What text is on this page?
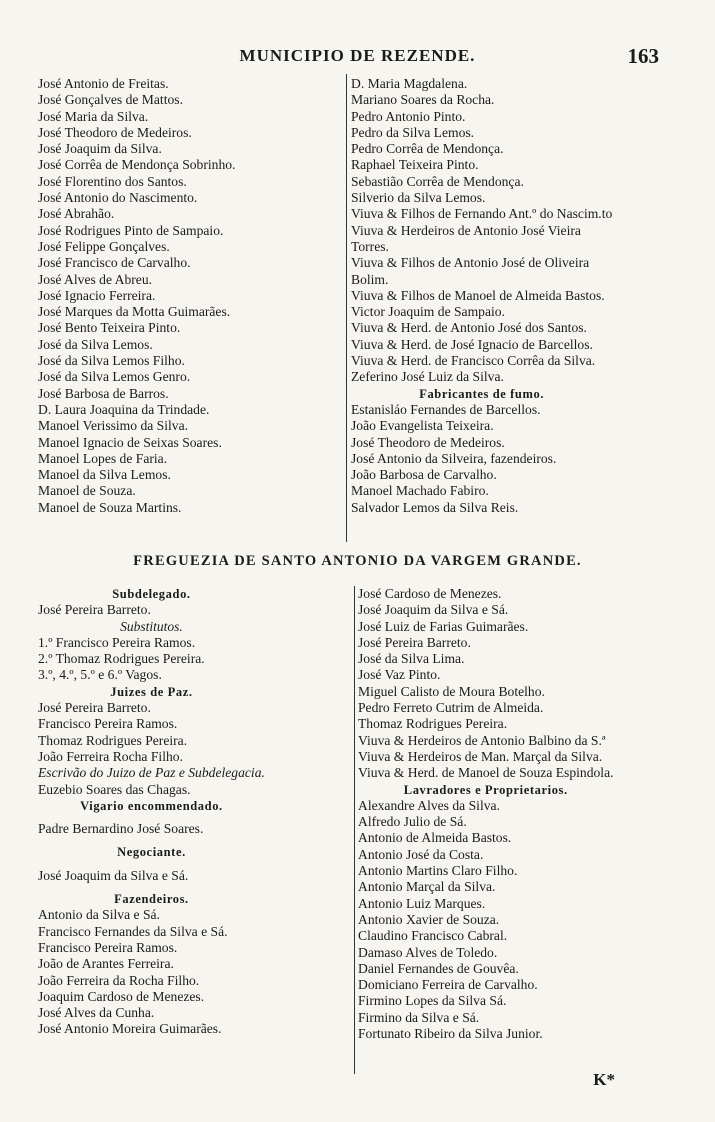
MUNICIPIO DE REZENDE.	163
José Antonio de Freitas.
José Gonçalves de Mattos.
José Maria da Silva.
José Theodoro de Medeiros.
José Joaquim da Silva.
José Corrêa de Mendonça Sobrinho.
José Florentino dos Santos.
José Antonio do Nascimento.
José Abrahão.
José Rodrigues Pinto de Sampaio.
José Felippe Gonçalves.
José Francisco de Carvalho.
José Alves de Abreu.
José Ignacio Ferreira.
José Marques da Motta Guimarães.
José Bento Teixeira Pinto.
José da Silva Lemos.
José da Silva Lemos Filho.
José da Silva Lemos Genro.
José Barbosa de Barros.
D. Laura Joaquina da Trindade.
Manoel Verissimo da Silva.
Manoel Ignacio de Seixas Soares.
Manoel Lopes de Faria.
Manoel da Silva Lemos.
Manoel de Souza.
Manoel de Souza Martins.
D. Maria Magdalena.
Mariano Soares da Rocha.
Pedro Antonio Pinto.
Pedro da Silva Lemos.
Pedro Corrêa de Mendonça.
Raphael Teixeira Pinto.
Sebastião Corrêa de Mendonça.
Silverio da Silva Lemos.
Viuva & Filhos de Fernando Ant.º do Nascim.to
Viuva & Herdeiros de Antonio José Vieira
Torres.
Viuva & Filhos de Antonio José de Oliveira
Bolim.
Viuva & Filhos de Manoel de Almeida Bastos.
Victor Joaquim de Sampaio.
Viuva & Herd. de Antonio José dos Santos.
Viuva & Herd. de José Ignacio de Barcellos.
Viuva & Herd. de Francisco Corrêa da Silva.
Zeferino José Luiz da Silva.
Fabricantes de fumo.
Estanisláo Fernandes de Barcellos.
João Evangelista Teixeira.
José Theodoro de Medeiros.
José Antonio da Silveira, fazendeiros.
João Barbosa de Carvalho.
Manoel Machado Fabiro.
Salvador Lemos da Silva Reis.
FREGUEZIA DE SANTO ANTONIO DA VARGEM GRANDE.
Subdelegado.
José Pereira Barreto.
Substitutos.
1.º Francisco Pereira Ramos.
2.º Thomaz Rodrigues Pereira.
3.º, 4.º, 5.º e 6.º Vagos.
Juizes de Paz.
José Pereira Barreto.
Francisco Pereira Ramos.
Thomaz Rodrigues Pereira.
João Ferreira Rocha Filho.
Escrivão do Juizo de Paz e Subdelegacia.
Euzebio Soares das Chagas.
Vigario encommendado.
Padre Bernardino José Soares.
Negociante.
José Joaquim da Silva e Sá.
Fazendeiros.
Antonio da Silva e Sá.
Francisco Fernandes da Silva e Sá.
Francisco Pereira Ramos.
João de Arantes Ferreira.
João Ferreira da Rocha Filho.
Joaquim Cardoso de Menezes.
José Alves da Cunha.
José Antonio Moreira Guimarães.
José Cardoso de Menezes.
José Joaquim da Silva e Sá.
José Luiz de Farias Guimarães.
José Pereira Barreto.
José da Silva Lima.
José Vaz Pinto.
Miguel Calisto de Moura Botelho.
Pedro Ferreto Cutrim de Almeida.
Thomaz Rodrigues Pereira.
Viuva & Herdeiros de Antonio Balbino da S.ª
Viuva & Herdeiros de Man. Marçal da Silva.
Viuva & Herd. de Manoel de Souza Espindola.
Lavradores e Proprietarios.
Alexandre Alves da Silva.
Alfredo Julio de Sá.
Antonio de Almeida Bastos.
Antonio José da Costa.
Antonio Martins Claro Filho.
Antonio Marçal da Silva.
Antonio Luiz Marques.
Antonio Xavier de Souza.
Claudino Francisco Cabral.
Damaso Alves de Toledo.
Daniel Fernandes de Gouvêa.
Domiciano Ferreira de Carvalho.
Firmino Lopes da Silva Sá.
Firmino da Silva e Sá.
Fortunato Ribeiro da Silva Junior.
K*
